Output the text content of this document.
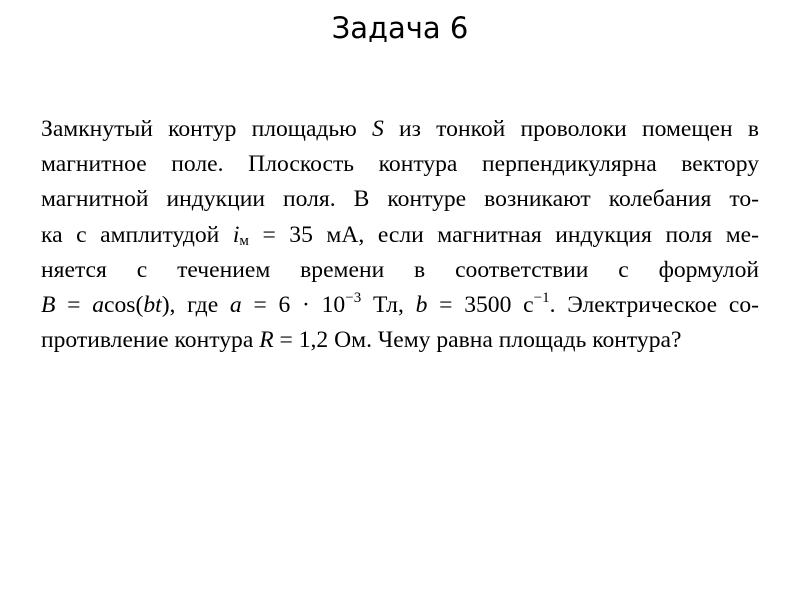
Задача 6
Замкнутый контур площадью S из тонкой проволоки помещен в
магнитное поле. Плоскость контура перпендикулярна вектору
магнитной индукции поля. В контуре возникают колебания то-
ка с амплитудой $i_м = 35$ мА, если магнитная индукция поля ме-
няется с течением времени в соответствии с формулой
B = acos(bt), где $a = 6 \cdot 10^{-3}$ Тл, b = 3500 $с^{-1}$. Электрическое со-
противление контура R = 1,2 Ом. Чему равна площадь контура?
